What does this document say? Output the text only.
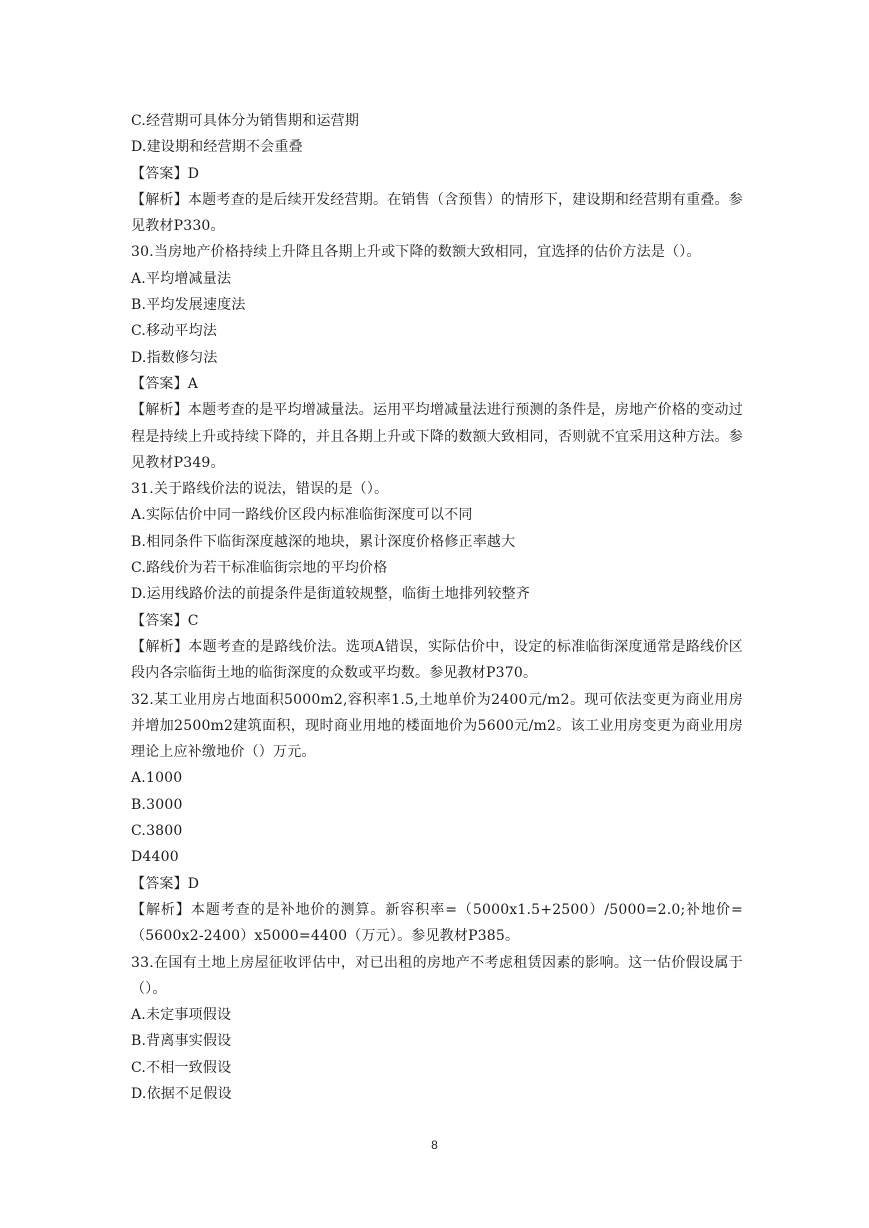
C.经营期可具体分为销售期和运营期
D.建设期和经营期不会重叠
【答案】D
【解析】本题考查的是后续开发经营期。在销售（含预售）的情形下，建设期和经营期有重叠。参见教材P330。
30.当房地产价格持续上升降且各期上升或下降的数额大致相同，宜选择的估价方法是（）。
A.平均增减量法
B.平均发展速度法
C.移动平均法
D.指数修匀法
【答案】A
【解析】本题考查的是平均增减量法。运用平均增减量法进行预测的条件是，房地产价格的变动过程是持续上升或持续下降的，并且各期上升或下降的数额大致相同，否则就不宜采用这种方法。参见教材P349。
31.关于路线价法的说法，错误的是（）。
A.实际估价中同一路线价区段内标准临街深度可以不同
B.相同条件下临街深度越深的地块，累计深度价格修正率越大
C.路线价为若干标准临街宗地的平均价格
D.运用线路价法的前提条件是街道较规整，临街土地排列较整齐
【答案】C
【解析】本题考查的是路线价法。选项A错误，实际估价中，设定的标准临街深度通常是路线价区段内各宗临街土地的临街深度的众数或平均数。参见教材P370。
32.某工业用房占地面积5000m2,容积率1.5,土地单价为2400元/m2。现可依法变更为商业用房并增加2500m2建筑面积，现时商业用地的楼面地价为5600元/m2。该工业用房变更为商业用房理论上应补缴地价（）万元。
A.1000
B.3000
C.3800
D4400
【答案】D
【解析】本题考查的是补地价的测算。新容积率=（5000x1.5+2500）/5000=2.0;补地价=（5600x2-2400）x5000=4400（万元）。参见教材P385。
33.在国有土地上房屋征收评估中，对已出租的房地产不考虑租赁因素的影响。这一估价假设属于（）。
A.未定事项假设
B.背离事实假设
C.不相一致假设
D.依据不足假设
8
